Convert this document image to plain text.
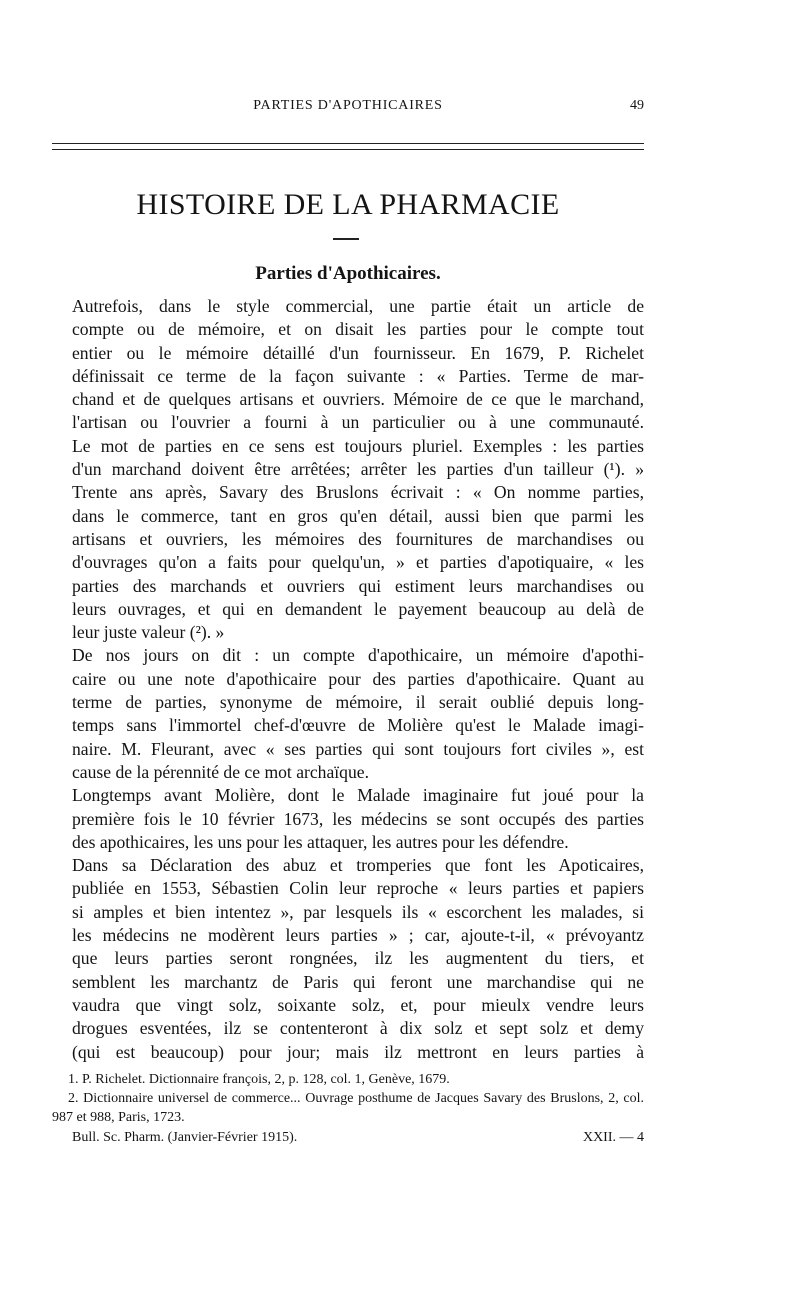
PARTIES D'APOTHICAIRES	49
HISTOIRE DE LA PHARMACIE
Parties d'Apothicaires.

Autrefois, dans le style commercial, une partie était un article de
compte ou de mémoire, et on disait les parties pour le compte tout
entier ou le mémoire détaillé d'un fournisseur. En 1679, P. Richelet
définissait ce terme de la façon suivante : « Parties. Terme de mar-
chand et de quelques artisans et ouvriers. Mémoire de ce que le marchand,
l'artisan ou l'ouvrier a fourni à un particulier ou à une communauté.
Le mot de parties en ce sens est toujours pluriel. Exemples : les parties
d'un marchand doivent être arrêtées; arrêter les parties d'un tailleur (¹). »
Trente ans après, Savary des Bruslons écrivait : « On nomme parties,
dans le commerce, tant en gros qu'en détail, aussi bien que parmi les
artisans et ouvriers, les mémoires des fournitures de marchandises ou
d'ouvrages qu'on a faits pour quelqu'un, » et parties d'apotiquaire, « les
parties des marchands et ouvriers qui estiment leurs marchandises ou
leurs ouvrages, et qui en demandent le payement beaucoup au delà de
leur juste valeur (²). »

De nos jours on dit : un compte d'apothicaire, un mémoire d'apothi-
caire ou une note d'apothicaire pour des parties d'apothicaire. Quant au
terme de parties, synonyme de mémoire, il serait oublié depuis long-
temps sans l'immortel chef-d'œuvre de Molière qu'est le Malade imagi-
naire. M. Fleurant, avec « ses parties qui sont toujours fort civiles », est
cause de la pérennité de ce mot archaïque.

Longtemps avant Molière, dont le Malade imaginaire fut joué pour la
première fois le 10 février 1673, les médecins se sont occupés des parties
des apothicaires, les uns pour les attaquer, les autres pour les défendre.

Dans sa Déclaration des abuz et tromperies que font les Apoticaires,
publiée en 1553, Sébastien Colin leur reproche « leurs parties et papiers
si amples et bien intentez », par lesquels ils « escorchent les malades, si
les médecins ne modèrent leurs parties » ; car, ajoute-t-il, « prévoyantz
que leurs parties seront rongnées, ilz les augmentent du tiers, et
semblent les marchantz de Paris qui feront une marchandise qui ne
vaudra que vingt solz, soixante solz, et, pour mieulx vendre leurs
drogues esventées, ilz se contenteront à dix solz et sept solz et demy
(qui est beaucoup) pour jour; mais ilz mettront en leurs parties à

1. P. Richelet. Dictionnaire françois, 2, p. 128, col. 1, Genève, 1679.

2. Dictionnaire universel de commerce... Ouvrage posthume de Jacques Savary des Bruslons, 2, col. 987 et 988, Paris, 1723.

Bull. Sc. Pharm. (Janvier-Février 1915).	XXII. — 4
